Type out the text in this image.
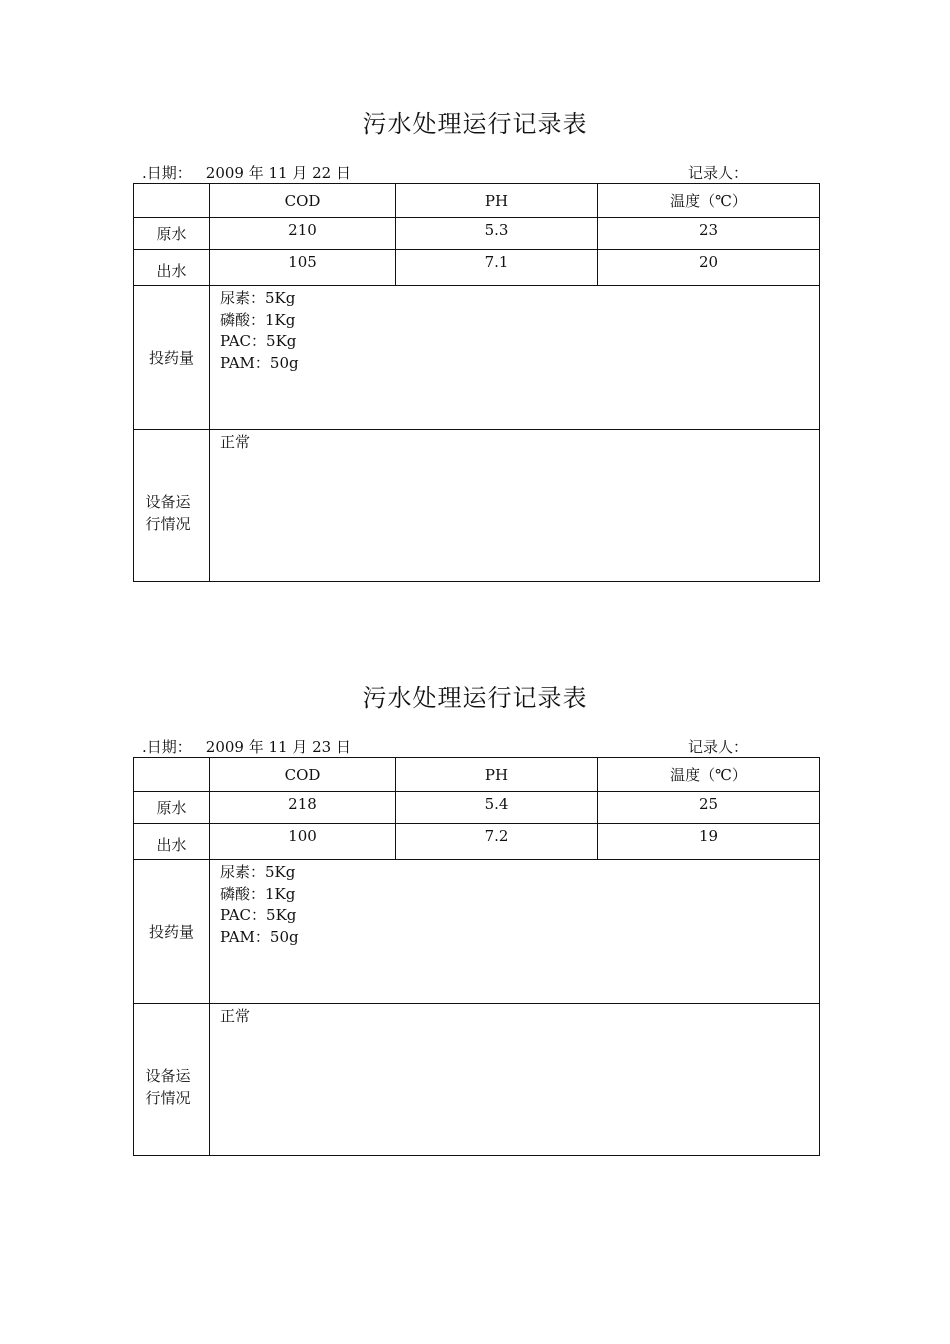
污水处理运行记录表
.日期： 2009 年 11 月 22 日	记录人：
	COD	PH	温度（℃）
原水	210	5.3	23
出水	105	7.1	20
投药量	尿素：5Kg
磷酸：1Kg
PAC：5Kg
PAM：50g		

设备运
行情况	正常		
污水处理运行记录表
.日期： 2009 年 11 月 23 日	记录人：
	COD	PH	温度（℃）
原水	218	5.4	25
出水	100	7.2	19
投药量	尿素：5Kg
磷酸：1Kg
PAC：5Kg
PAM：50g		

设备运
行情况	正常		
